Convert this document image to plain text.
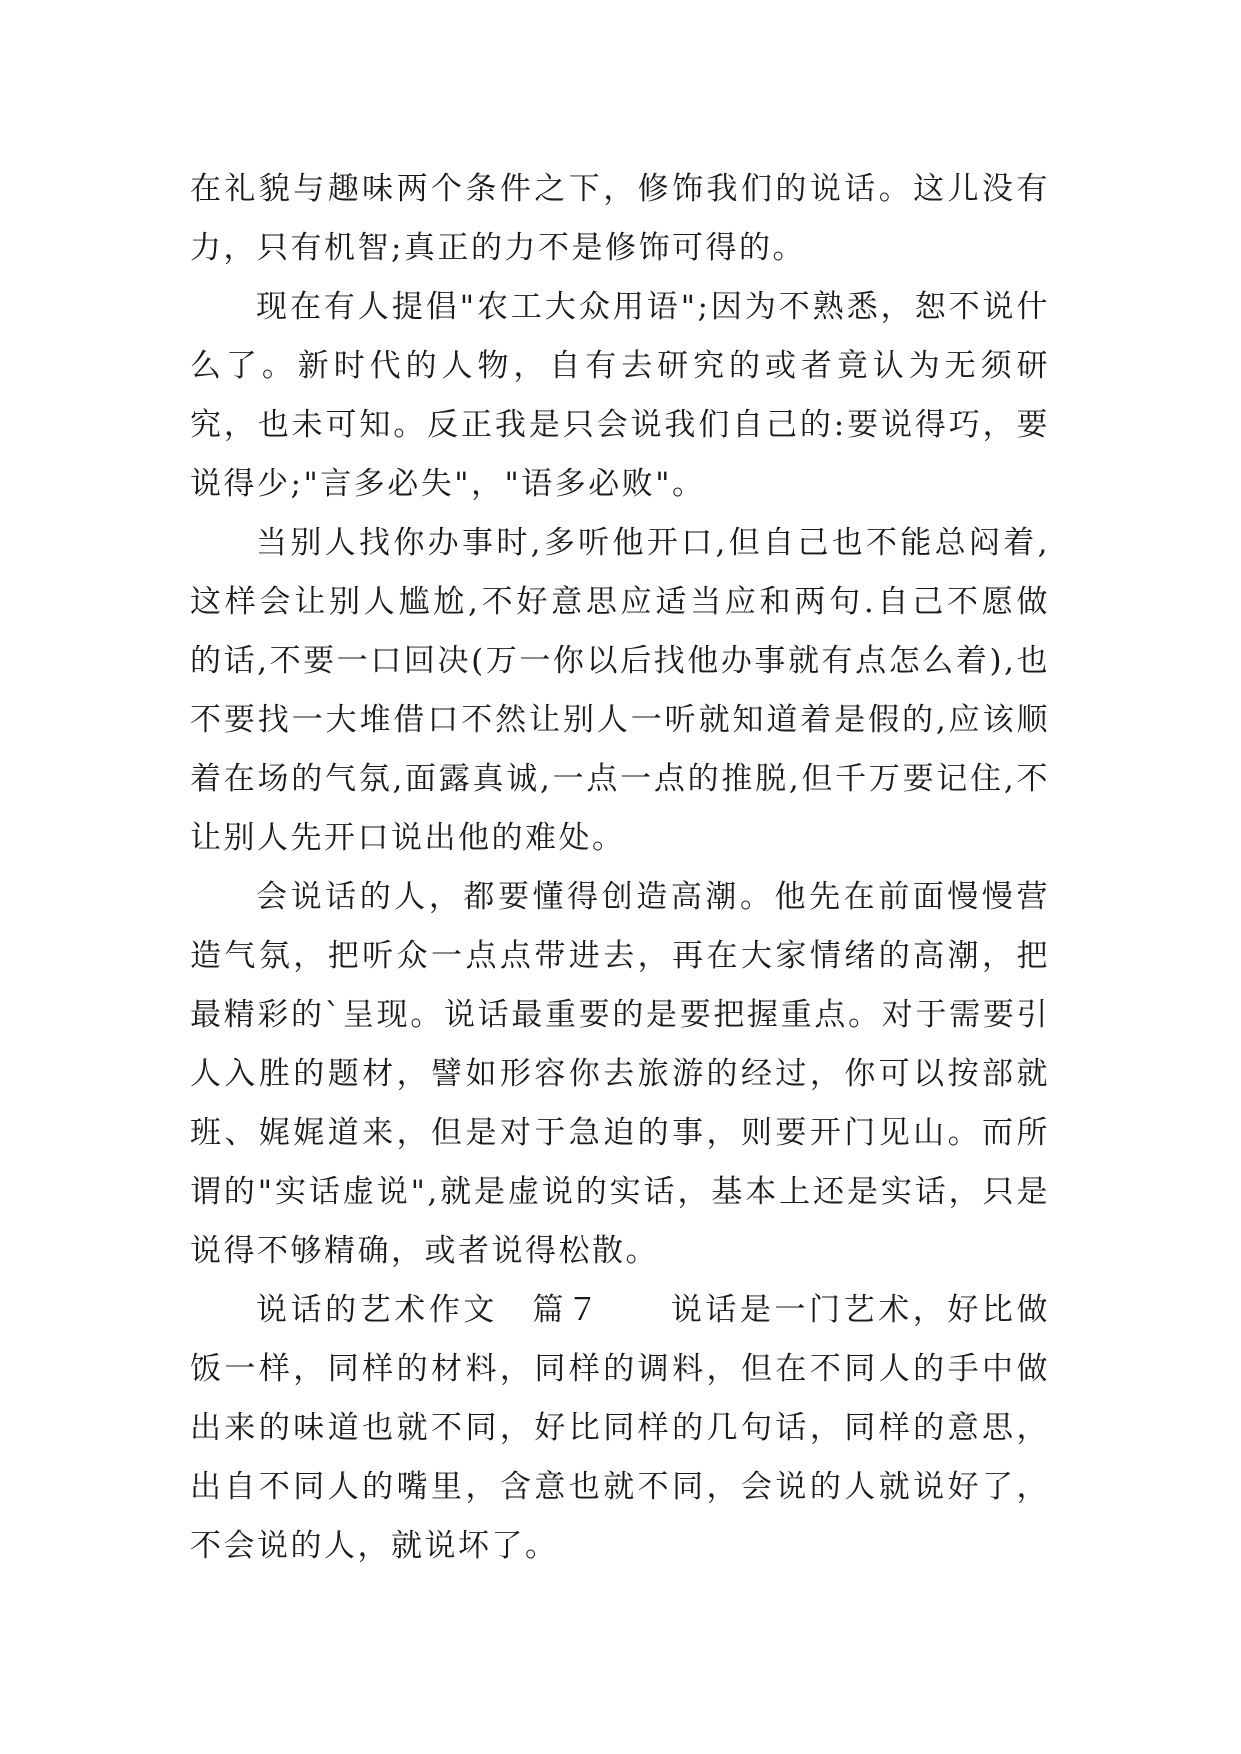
在礼貌与趣味两个条件之下，修饰我们的说话。这儿没有力，只有机智;真正的力不是修饰可得的。

现在有人提倡"农工大众用语";因为不熟悉，恕不说什么了。新时代的人物，自有去研究的或者竟认为无须研究，也未可知。反正我是只会说我们自己的:要说得巧，要说得少;"言多必失"，"语多必败"。

当别人找你办事时,多听他开口,但自己也不能总闷着,这样会让别人尴尬,不好意思应适当应和两句.自己不愿做的话,不要一口回决(万一你以后找他办事就有点怎么着),也不要找一大堆借口不然让别人一听就知道着是假的,应该顺着在场的气氛,面露真诚,一点一点的推脱,但千万要记住,不让别人先开口说出他的难处。

会说话的人，都要懂得创造高潮。他先在前面慢慢营造气氛，把听众一点点带进去，再在大家情绪的高潮，把最精彩的`呈现。说话最重要的是要把握重点。对于需要引人入胜的题材，譬如形容你去旅游的经过，你可以按部就班、娓娓道来，但是对于急迫的事，则要开门见山。而所谓的"实话虚说",就是虚说的实话，基本上还是实话，只是说得不够精确，或者说得松散。

说话的艺术作文　篇７　　说话是一门艺术，好比做饭一样，同样的材料，同样的调料，但在不同人的手中做出来的味道也就不同，好比同样的几句话，同样的意思，出自不同人的嘴里，含意也就不同，会说的人就说好了，不会说的人，就说坏了。
